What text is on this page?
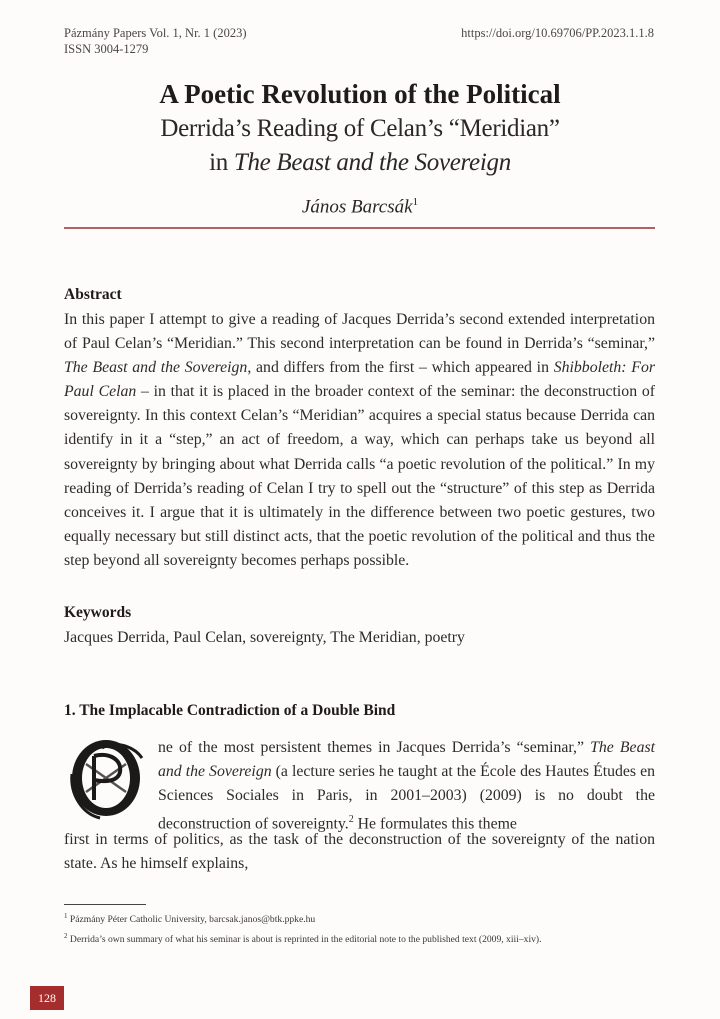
Pázmány Papers Vol. 1, Nr. 1 (2023)
ISSN 3004-1279
https://doi.org/10.69706/PP.2023.1.1.8
A Poetic Revolution of the Political
Derrida’s Reading of Celan’s “Meridian”
in The Beast and the Sovereign
János Barcsák$^1$
Abstract
In this paper I attempt to give a reading of Jacques Derrida’s second extended interpretation of Paul Celan’s “Meridian.” This second interpretation can be found in Derrida’s “seminar,” The Beast and the Sovereign, and differs from the first – which appeared in Shibboleth: For Paul Celan – in that it is placed in the broader context of the seminar: the deconstruction of sovereignty. In this context Celan’s “Meridian” acquires a special status because Derrida can identify in it a “step,” an act of freedom, a way, which can perhaps take us beyond all sovereignty by bringing about what Derrida calls “a poetic revolution of the political.” In my reading of Derrida’s reading of Celan I try to spell out the “structure” of this step as Derrida conceives it. I argue that it is ultimately in the difference between two poetic gestures, two equally necessary but still distinct acts, that the poetic revolution of the political and thus the step beyond all sovereignty becomes perhaps possible.
Keywords
Jacques Derrida, Paul Celan, sovereignty, The Meridian, poetry
1. The Implacable Contradiction of a Double Bind
ne of the most persistent themes in Jacques Derrida’s “seminar,” The Beast and the Sovereign (a lecture series he taught at the École des Hautes Études en Sciences Sociales in Paris, in 2001–2003) (2009) is no doubt the deconstruction of sovereignty.$^2$ He formulates this theme
first in terms of politics, as the task of the deconstruction of the sovereignty of the nation state. As he himself explains,
$^1$ Pázmány Péter Catholic University, barcsak.janos@btk.ppke.hu
$^2$ Derrida’s own summary of what his seminar is about is reprinted in the editorial note to the published text (2009, xiii–xiv).
128
